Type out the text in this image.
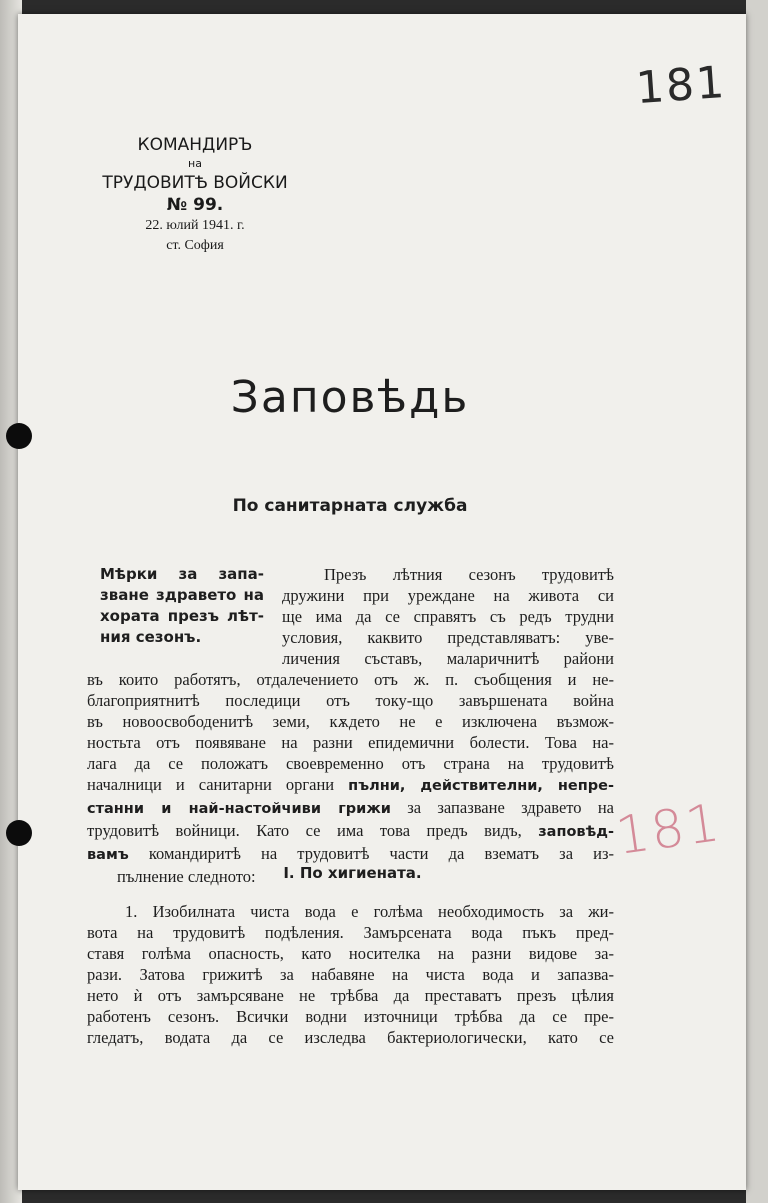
181
181
КОМАНДИРЪ
на
ТРУДОВИТѢ ВОЙСКИ
№ 99.
22. юлий 1941. г.
ст. София
Заповѣдь
По санитарната служба
Мѣрки за запа-
зване здравето на
хората презъ лѣт-
ния сезонъ.
Презъ лѣтния сезонъ трудовитѣ
дружини при уреждане на живота си
ще има да се справятъ съ редъ трудни
условия, каквито представляватъ: уве-
личения съставъ, маларичнитѣ райони
въ които работятъ, отдалечението отъ ж. п. съобщения и не-
благоприятнитѣ последици отъ току-що завършената война
въ новоосвободенитѣ земи, кѫдето не е изключена възмож-
ностьта отъ появяване на разни епидемични болести. Това на-
лага да се положатъ своевременно отъ страна на трудовитѣ
началници и санитарни органи пълни, действителни, непре-
станни и най-настойчиви грижи за запазване здравето на
трудовитѣ войници. Като се има това предъ видъ, заповѣд-
вамъ командиритѣ на трудовитѣ части да взематъ за из-
пълнение следното:	I. По хигиената.
1. Изобилната чиста вода е голѣма необходимость за жи-
вота на трудовитѣ подѣления. Замърсената вода пъкъ пред-
ставя голѣма опасность, като носителка на разни видове за-
рази. Затова грижитѣ за набавяне на чиста вода и запазва-
нето ѝ отъ замърсяване не трѣбва да преставатъ презъ цѣлия
работенъ сезонъ. Всички водни източници трѣбва да се пре-
гледатъ, водата да се изследва бактериологически, като се
